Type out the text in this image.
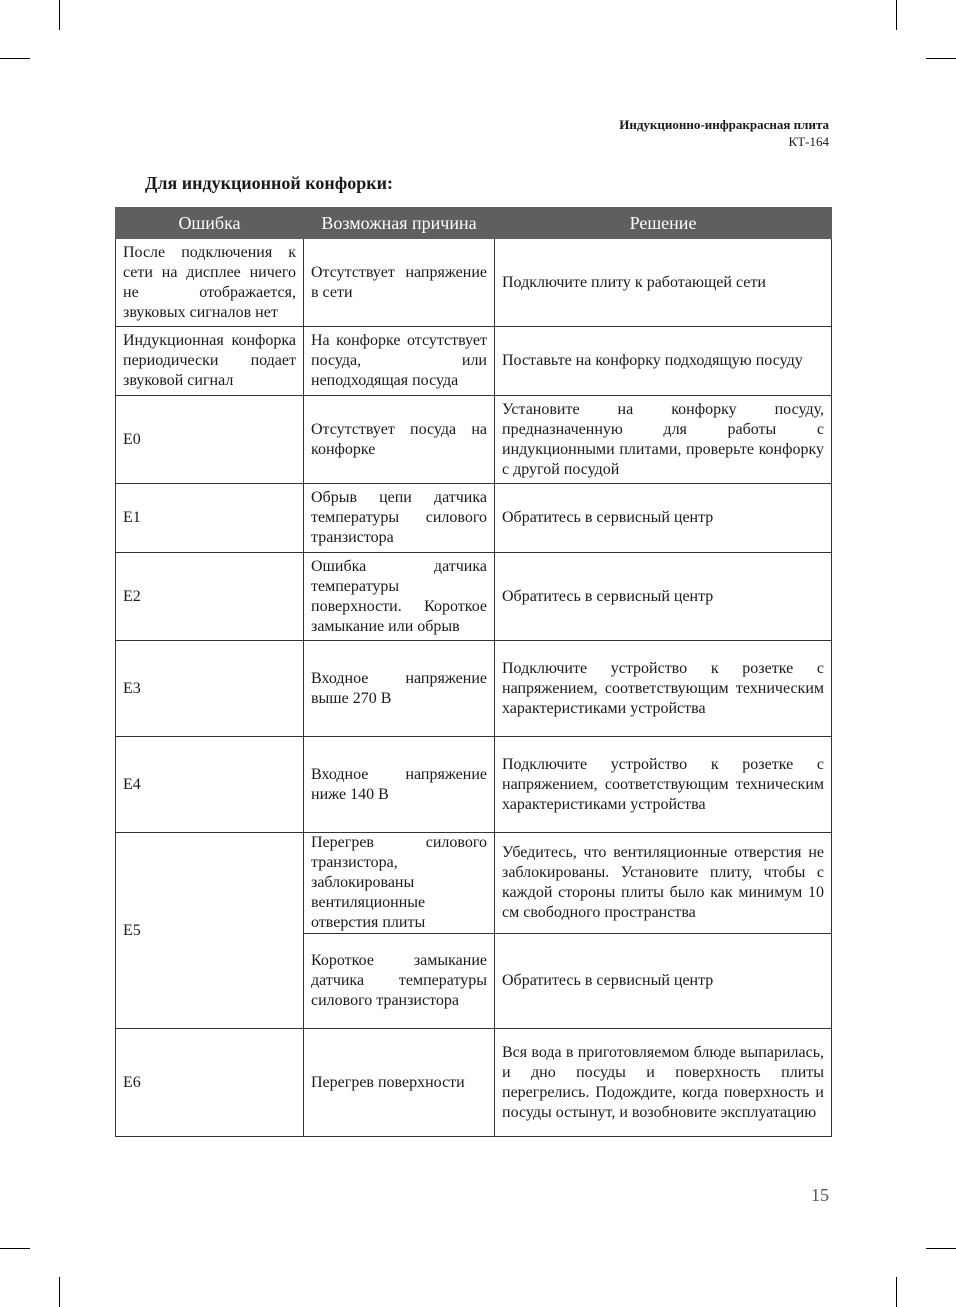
Индукционно-инфракрасная плита
КТ-164
Для индукционной конфорки:
Ошибка	Возможная причина	Решение
После подключения к сети на дисплее ничего не отображается, звуковых сигналов нет	Отсутствует напряжение в сети	Подключите плиту к работающей сети
Индукционная конфорка периодически подает звуковой сигнал	На конфорке отсутствует посуда, или неподходящая посуда	Поставьте на конфорку подходящую посуду
E0	Отсутствует посуда на конфорке	Установите на конфорку посуду, предназначенную для работы с индукционными плитами, проверьте конфорку с другой посудой
E1	Обрыв цепи датчика температуры силового транзистора	Обратитесь в сервисный центр
E2	Ошибка датчика температуры поверхности. Короткое замыкание или обрыв	Обратитесь в сервисный центр
E3	Входное напряжение выше 270 В	Подключите устройство к розетке с напряжением, соответствующим техническим характеристиками устройства
E4	Входное напряжение ниже 140 В	Подключите устройство к розетке с напряжением, соответствующим техническим характеристиками устройства
E5	Перегрев силового транзистора, заблокированы вентиляционные отверстия плиты	Убедитесь, что вентиляционные отверстия не заблокированы. Установите плиту, чтобы с каждой стороны плиты было как минимум 10 см свободного пространства
	Короткое замыкание датчика температуры силового транзистора	Обратитесь в сервисный центр
E6	Перегрев поверхности	Вся вода в приготовляемом блюде выпарилась, и дно посуды и поверхность плиты перегрелись. Подождите, когда поверхность и посуды остынут, и возобновите эксплуатацию
15
